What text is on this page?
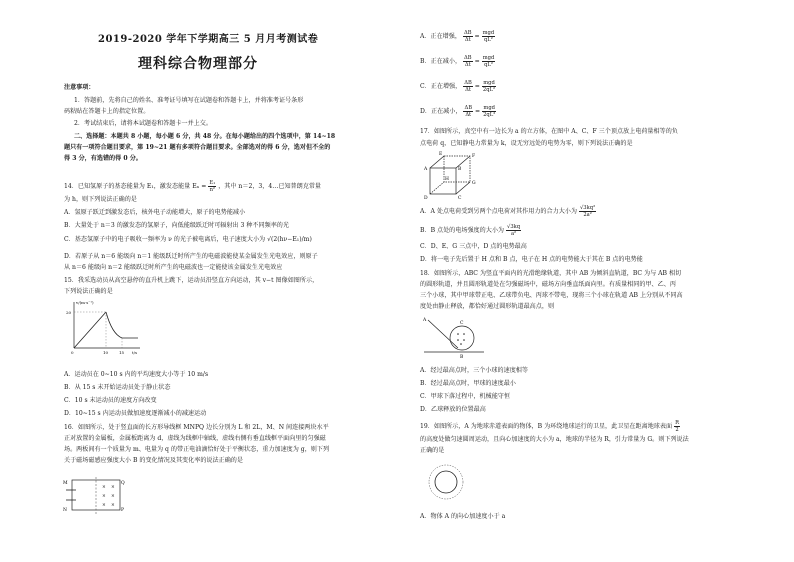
2019-2020 学年下学期高三 5 月月考测试卷
理科综合物理部分
注意事项：
1．答题前，先将自己的姓名、准考证号填写在试题卷和答题卡上，并将准考证号条形
码粘贴在答题卡上的指定位置。
2．考试结束后，请将本试题卷和答题卡一并上交。
二、选择题：本题共 8 小题，每小题 6 分，共 48 分。在每小题给出的四个选项中，第 14~18
题只有一项符合题目要求，第 19~21 题有多项符合题目要求。全部选对的得 6 分，选对但不全的
得 3 分，有选错的得 0 分。
14．已知氢原子的基态能量为 E₁，激发态能量 $E_n = \frac{\text{E₁}}{\text{n²}}$ ，其中 n＝2，3，4…已知普朗克常量
为 h，则下列说法正确的是
A．氢原子跃迁到激发态后，核外电子动能增大，原子的电势能减小
B．大量处于 n＝3 的激发态的氢原子，向低能级跃迁时可辐射出 3 种不同频率的光
C．基态氢原子中的电子吸收一频率为 ν 的光子被电离后，电子速度大小为 √(2(hν−E₁)/m)
D．若原子从 n＝6 能级向 n＝1 能级跃迁时所产生的电磁波能使某金属发生光电效应，则原子
从 n＝6 能级向 n＝2 能级跃迁时所产生的电磁波也一定能使该金属发生光电效应
15．我采选动员从高空悬停的直升机上跳下，运动员沿竖直方向运动，其 v−t 图像如图所示，
下列说法正确的是
v/(m·s⁻¹)
20
0	10	15 t/s
A．运动员在 0~10 s 内的平均速度大小等于 10 m/s
B．从 15 s 末开始运动员处于静止状态
C．10 s 末运动员的速度方向改变
D．10~15 s 内运动员做加速度逐渐减小的减速运动
16．如图所示，处于竖直面的长方形导线框 MNPQ 边长分别为 L 和 2L，M、N 间连接两块水平
正对放置的金属板，金属板距离为 d，虚线为线框中轴线，虚线右侧有垂直线框平面向里的匀强磁
场。两板间有一个质量为 m、电量为 q 的带正电油滴恰好处于平衡状态，重力加速度为 g，则下列
关于磁场磁感应强度大小 B 的变化情况及其变化率的说法正确的是
M
N
Q
P
× ×
× ×
× ×
A．正在增强， $\frac{\Delta B}{\Delta t} = \frac{\text{mgd}}{\text{qL²}}$
B．正在减小， $\frac{\Delta B}{\Delta t} = \frac{\text{mgd}}{\text{qL²}}$
C．正在增强， $\frac{\Delta B}{\Delta t} = \frac{\text{mgd}}{\text{2qL²}}$
D．正在减小， $\frac{\Delta B}{\Delta t} = \frac{\text{mgd}}{\text{2qL²}}$
17．如图所示，真空中有一边长为 a 的立方体，在图中 A、C、F 三个顶点放上电荷量相等的负
点电荷 q，已知静电力常量为 k，设无穷远处的电势为零，则下列说法正确的是
A	B
C
D
E	F
G
H
A．A 处点电荷受到另两个点电荷对其作用力的合力大小为 $\frac{\text{√3kq²}}{\text{2a²}}$
B．B 点处的电场强度的大小为 $\frac{√3kq}{\text{a²}}$
C．D、E、G 三点中，D 点的电势最高
D．将一电子先后置于 H 点和 B 点，电子在 H 点的电势能大于其在 B 点的电势能
18．如图所示，ABC 为竖直平面内的光滑绝缘轨道，其中 AB 为倾斜直轨道，BC 为与 AB 相切
的圆形轨道，并且圆形轨道处在匀强磁场中，磁场方向垂直纸面向里。有质量相同的甲、乙、丙
三个小球，其中甲球带正电、乙球带负电、丙球不带电，现将三个小球在轨道 AB 上分别从不同高
度处由静止释放，都恰好通过圆形轨道最高点，则
A
B
C
A．经过最高点时，三个小球的速度相等
B．经过最高点时，甲球的速度最小
C．甲球下落过程中，机械能守恒
D．乙球释放的位置最高
19．如图所示，A 为地球赤道表面的物体，B 为环绕地球运行的卫星，此卫星在距离地球表面 $\frac{R}{2}$
的高度处做匀速圆周运动，且向心加速度的大小为 a，地球的半径为 R，引力常量为 G。则下列说法
正确的是
A．物体 A 的向心加速度小于 a
